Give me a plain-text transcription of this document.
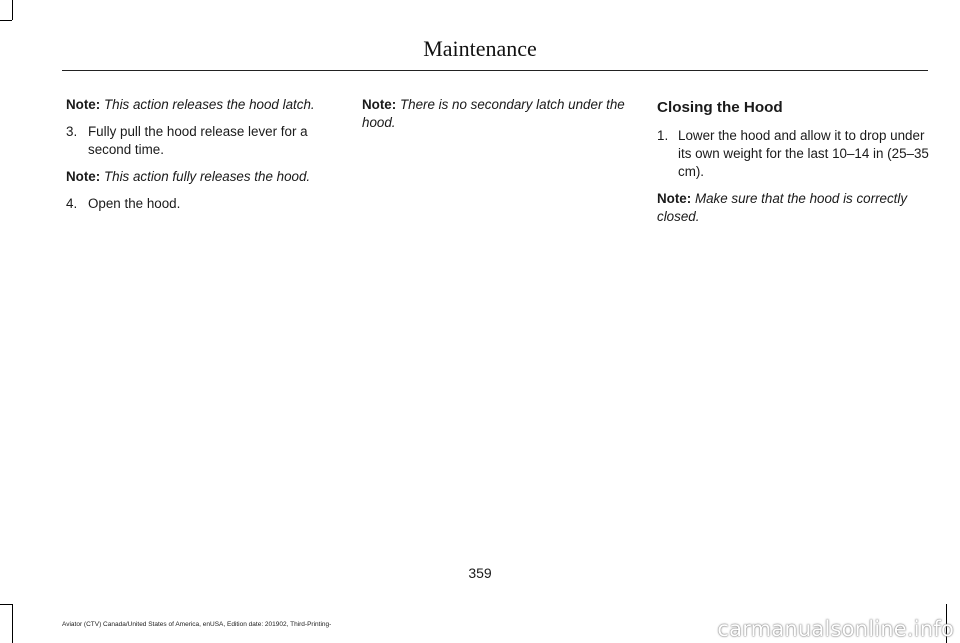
Maintenance

Note: This action releases the hood latch.

3. Fully pull the hood release lever for a second time.

Note: This action fully releases the hood.

4. Open the hood.

Note: There is no secondary latch under the hood.

Closing the Hood
1. Lower the hood and allow it to drop under its own weight for the last 10–14 in (25–35 cm).

Note: Make sure that the hood is correctly closed.

359
Aviator (CTV) Canada/United States of America, enUSA, Edition date: 201902, Third-Printing-	carmanualsonline.info
